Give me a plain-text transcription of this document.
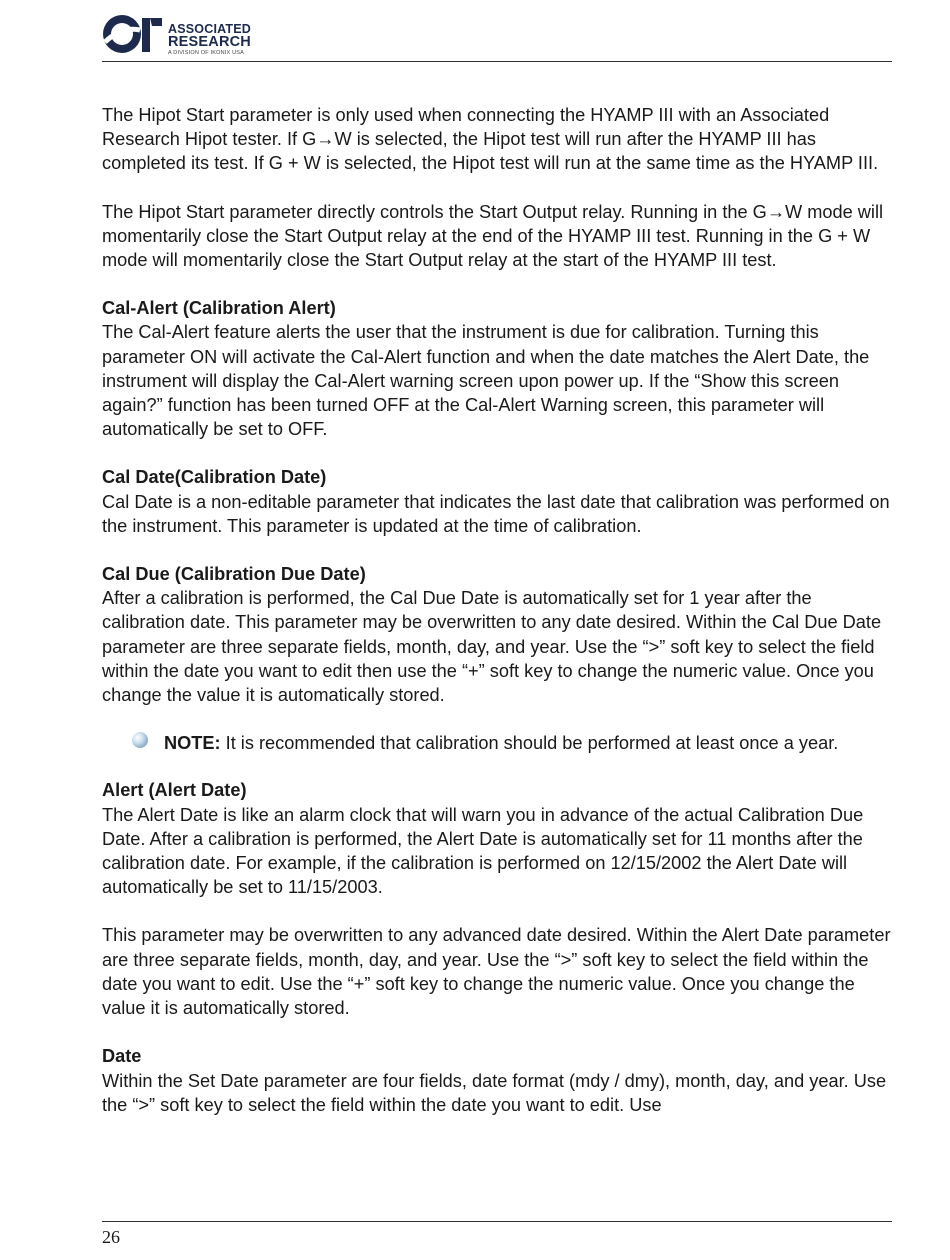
ASSOCIATED
RESEARCH
A DIVISION OF IKONIX USA

The Hipot Start parameter is only used when connecting the HYAMP III with an Associated Research Hipot tester. If G→W is selected, the Hipot test will run after the HYAMP III has completed its test. If G + W is selected, the Hipot test will run at the same time as the HYAMP III.

The Hipot Start parameter directly controls the Start Output relay. Running in the G→W mode will momentarily close the Start Output relay at the end of the HYAMP III test. Running in the G + W mode will momentarily close the Start Output relay at the start of the HYAMP III test.

Cal-Alert (Calibration Alert)
The Cal-Alert feature alerts the user that the instrument is due for calibration. Turning this parameter ON will activate the Cal-Alert function and when the date matches the Alert Date, the instrument will display the Cal-Alert warning screen upon power up. If the “Show this screen again?” function has been turned OFF at the Cal-Alert Warning screen, this parameter will automatically be set to OFF.

Cal Date(Calibration Date)
Cal Date is a non-editable parameter that indicates the last date that calibration was performed on the instrument. This parameter is updated at the time of calibration.

Cal Due (Calibration Due Date)
After a calibration is performed, the Cal Due Date is automatically set for 1 year after the calibration date. This parameter may be overwritten to any date desired. Within the Cal Due Date parameter are three separate fields, month, day, and year. Use the “>” soft key to select the field within the date you want to edit then use the “+” soft key to change the numeric value. Once you change the value it is automatically stored.

NOTE: It is recommended that calibration should be performed at least once a year.

Alert (Alert Date)
The Alert Date is like an alarm clock that will warn you in advance of the actual Calibration Due Date. After a calibration is performed, the Alert Date is automatically set for 11 months after the calibration date. For example, if the calibration is performed on 12/15/2002 the Alert Date will automatically be set to 11/15/2003.

This parameter may be overwritten to any advanced date desired. Within the Alert Date parameter are three separate fields, month, day, and year. Use the “>” soft key to select the field within the date you want to edit. Use the “+” soft key to change the numeric value. Once you change the value it is automatically stored.

Date
Within the Set Date parameter are four fields, date format (mdy / dmy), month, day, and year. Use the “>” soft key to select the field within the date you want to edit. Use

26
